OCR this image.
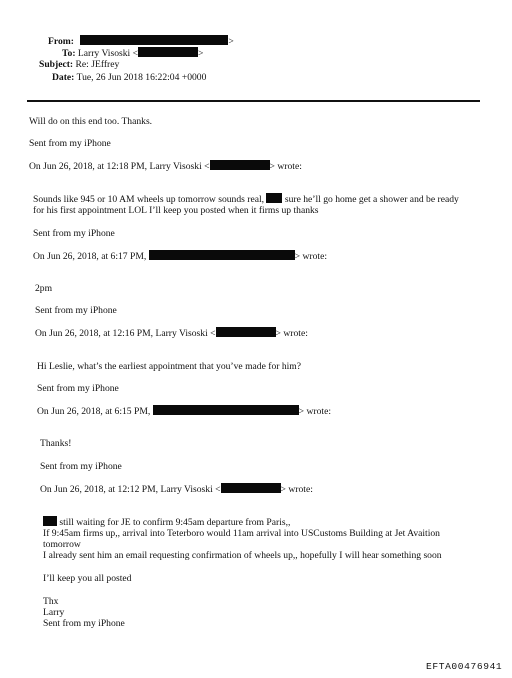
From:	>
To: Larry Visoski <	>
Subject: Re: JEffrey
Date: Tue, 26 Jun 2018 16:22:04 +0000
Will do on this end too. Thanks.
Sent from my iPhone
On Jun 26, 2018, at 12:18 PM, Larry Visoski <	> wrote:
Sounds like 945 or 10 AM wheels up tomorrow sounds real, sure he’ll go home get a shower and be ready
for his first appointment LOL I’ll keep you posted when it firms up thanks
Sent from my iPhone
On Jun 26, 2018, at 6:17 PM,	> wrote:
2pm
Sent from my iPhone
On Jun 26, 2018, at 12:16 PM, Larry Visoski <	> wrote:
Hi Leslie, what’s the earliest appointment that you’ve made for him?
Sent from my iPhone
On Jun 26, 2018, at 6:15 PM,	> wrote:
Thanks!
Sent from my iPhone
On Jun 26, 2018, at 12:12 PM, Larry Visoski <	> wrote:
still waiting for JE to confirm 9:45am departure from Paris,,
If 9:45am firms up,, arrival into Teterboro would 11am arrival into USCustoms Building at Jet Avaition
tomorrow
I already sent him an email requesting confirmation of wheels up,, hopefully I will hear something soon
I’ll keep you all posted
Thx
Larry
Sent from my iPhone
EFTA00476941
